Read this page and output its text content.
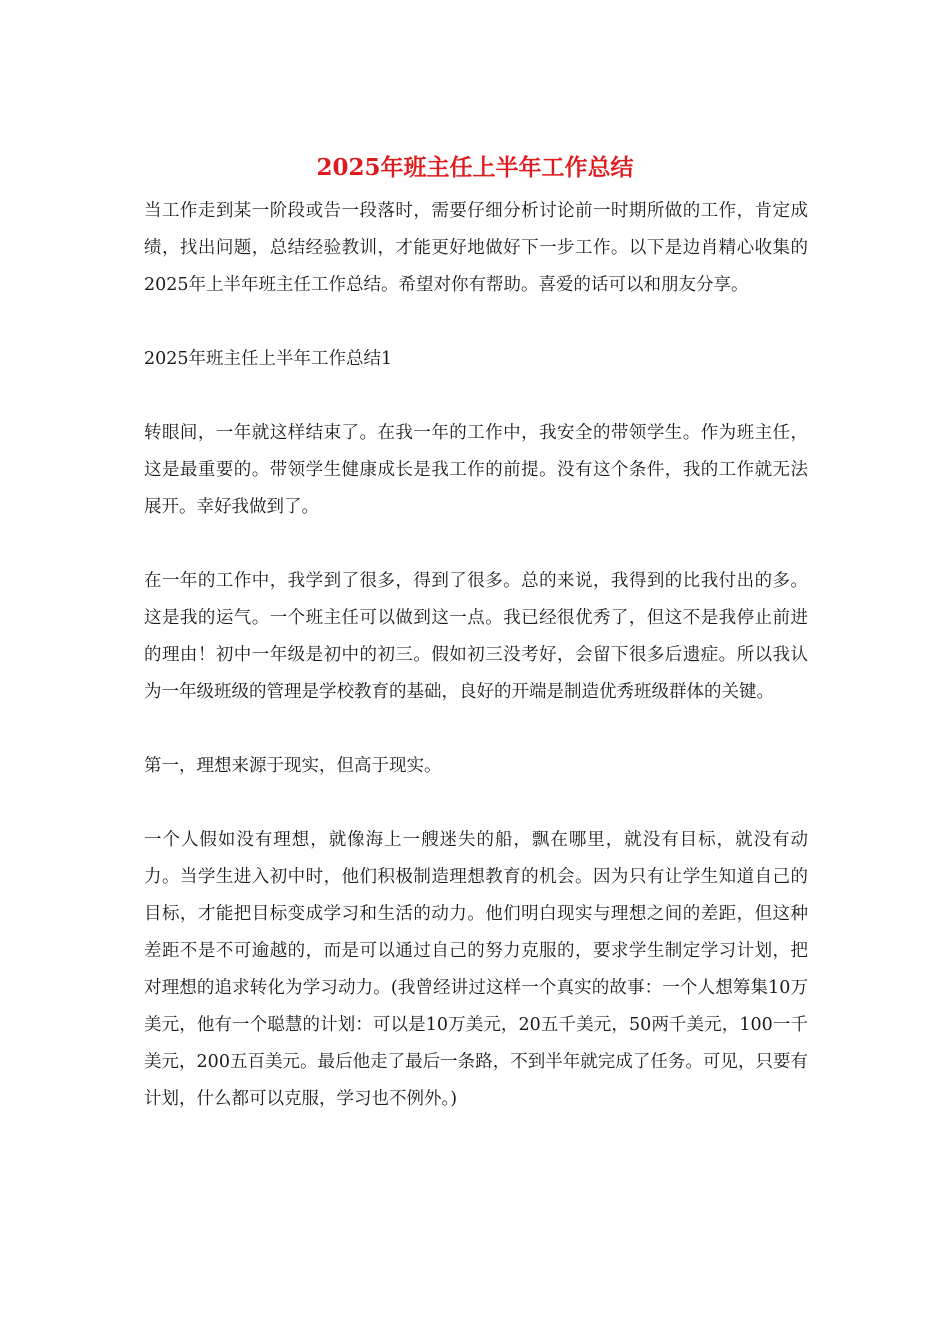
2025年班主任上半年工作总结

当工作走到某一阶段或告一段落时，需要仔细分析讨论前一时期所做的工作，肯定成绩，找出问题，总结经验教训，才能更好地做好下一步工作。以下是边肖精心收集的2025年上半年班主任工作总结。希望对你有帮助。喜爱的话可以和朋友分享。

2025年班主任上半年工作总结1

转眼间，一年就这样结束了。在我一年的工作中，我安全的带领学生。作为班主任，这是最重要的。带领学生健康成长是我工作的前提。没有这个条件，我的工作就无法展开。幸好我做到了。

在一年的工作中，我学到了很多，得到了很多。总的来说，我得到的比我付出的多。这是我的运气。一个班主任可以做到这一点。我已经很优秀了，但这不是我停止前进的理由！初中一年级是初中的初三。假如初三没考好，会留下很多后遗症。所以我认为一年级班级的管理是学校教育的基础，良好的开端是制造优秀班级群体的关键。

第一，理想来源于现实，但高于现实。

一个人假如没有理想，就像海上一艘迷失的船，飘在哪里，就没有目标，就没有动力。当学生进入初中时，他们积极制造理想教育的机会。因为只有让学生知道自己的目标，才能把目标变成学习和生活的动力。他们明白现实与理想之间的差距，但这种差距不是不可逾越的，而是可以通过自己的努力克服的，要求学生制定学习计划，把对理想的追求转化为学习动力。(我曾经讲过这样一个真实的故事：一个人想筹集10万美元，他有一个聪慧的计划：可以是10万美元，20五千美元，50两千美元，100一千美元，200五百美元。最后他走了最后一条路，不到半年就完成了任务。可见，只要有计划，什么都可以克服，学习也不例外。)
